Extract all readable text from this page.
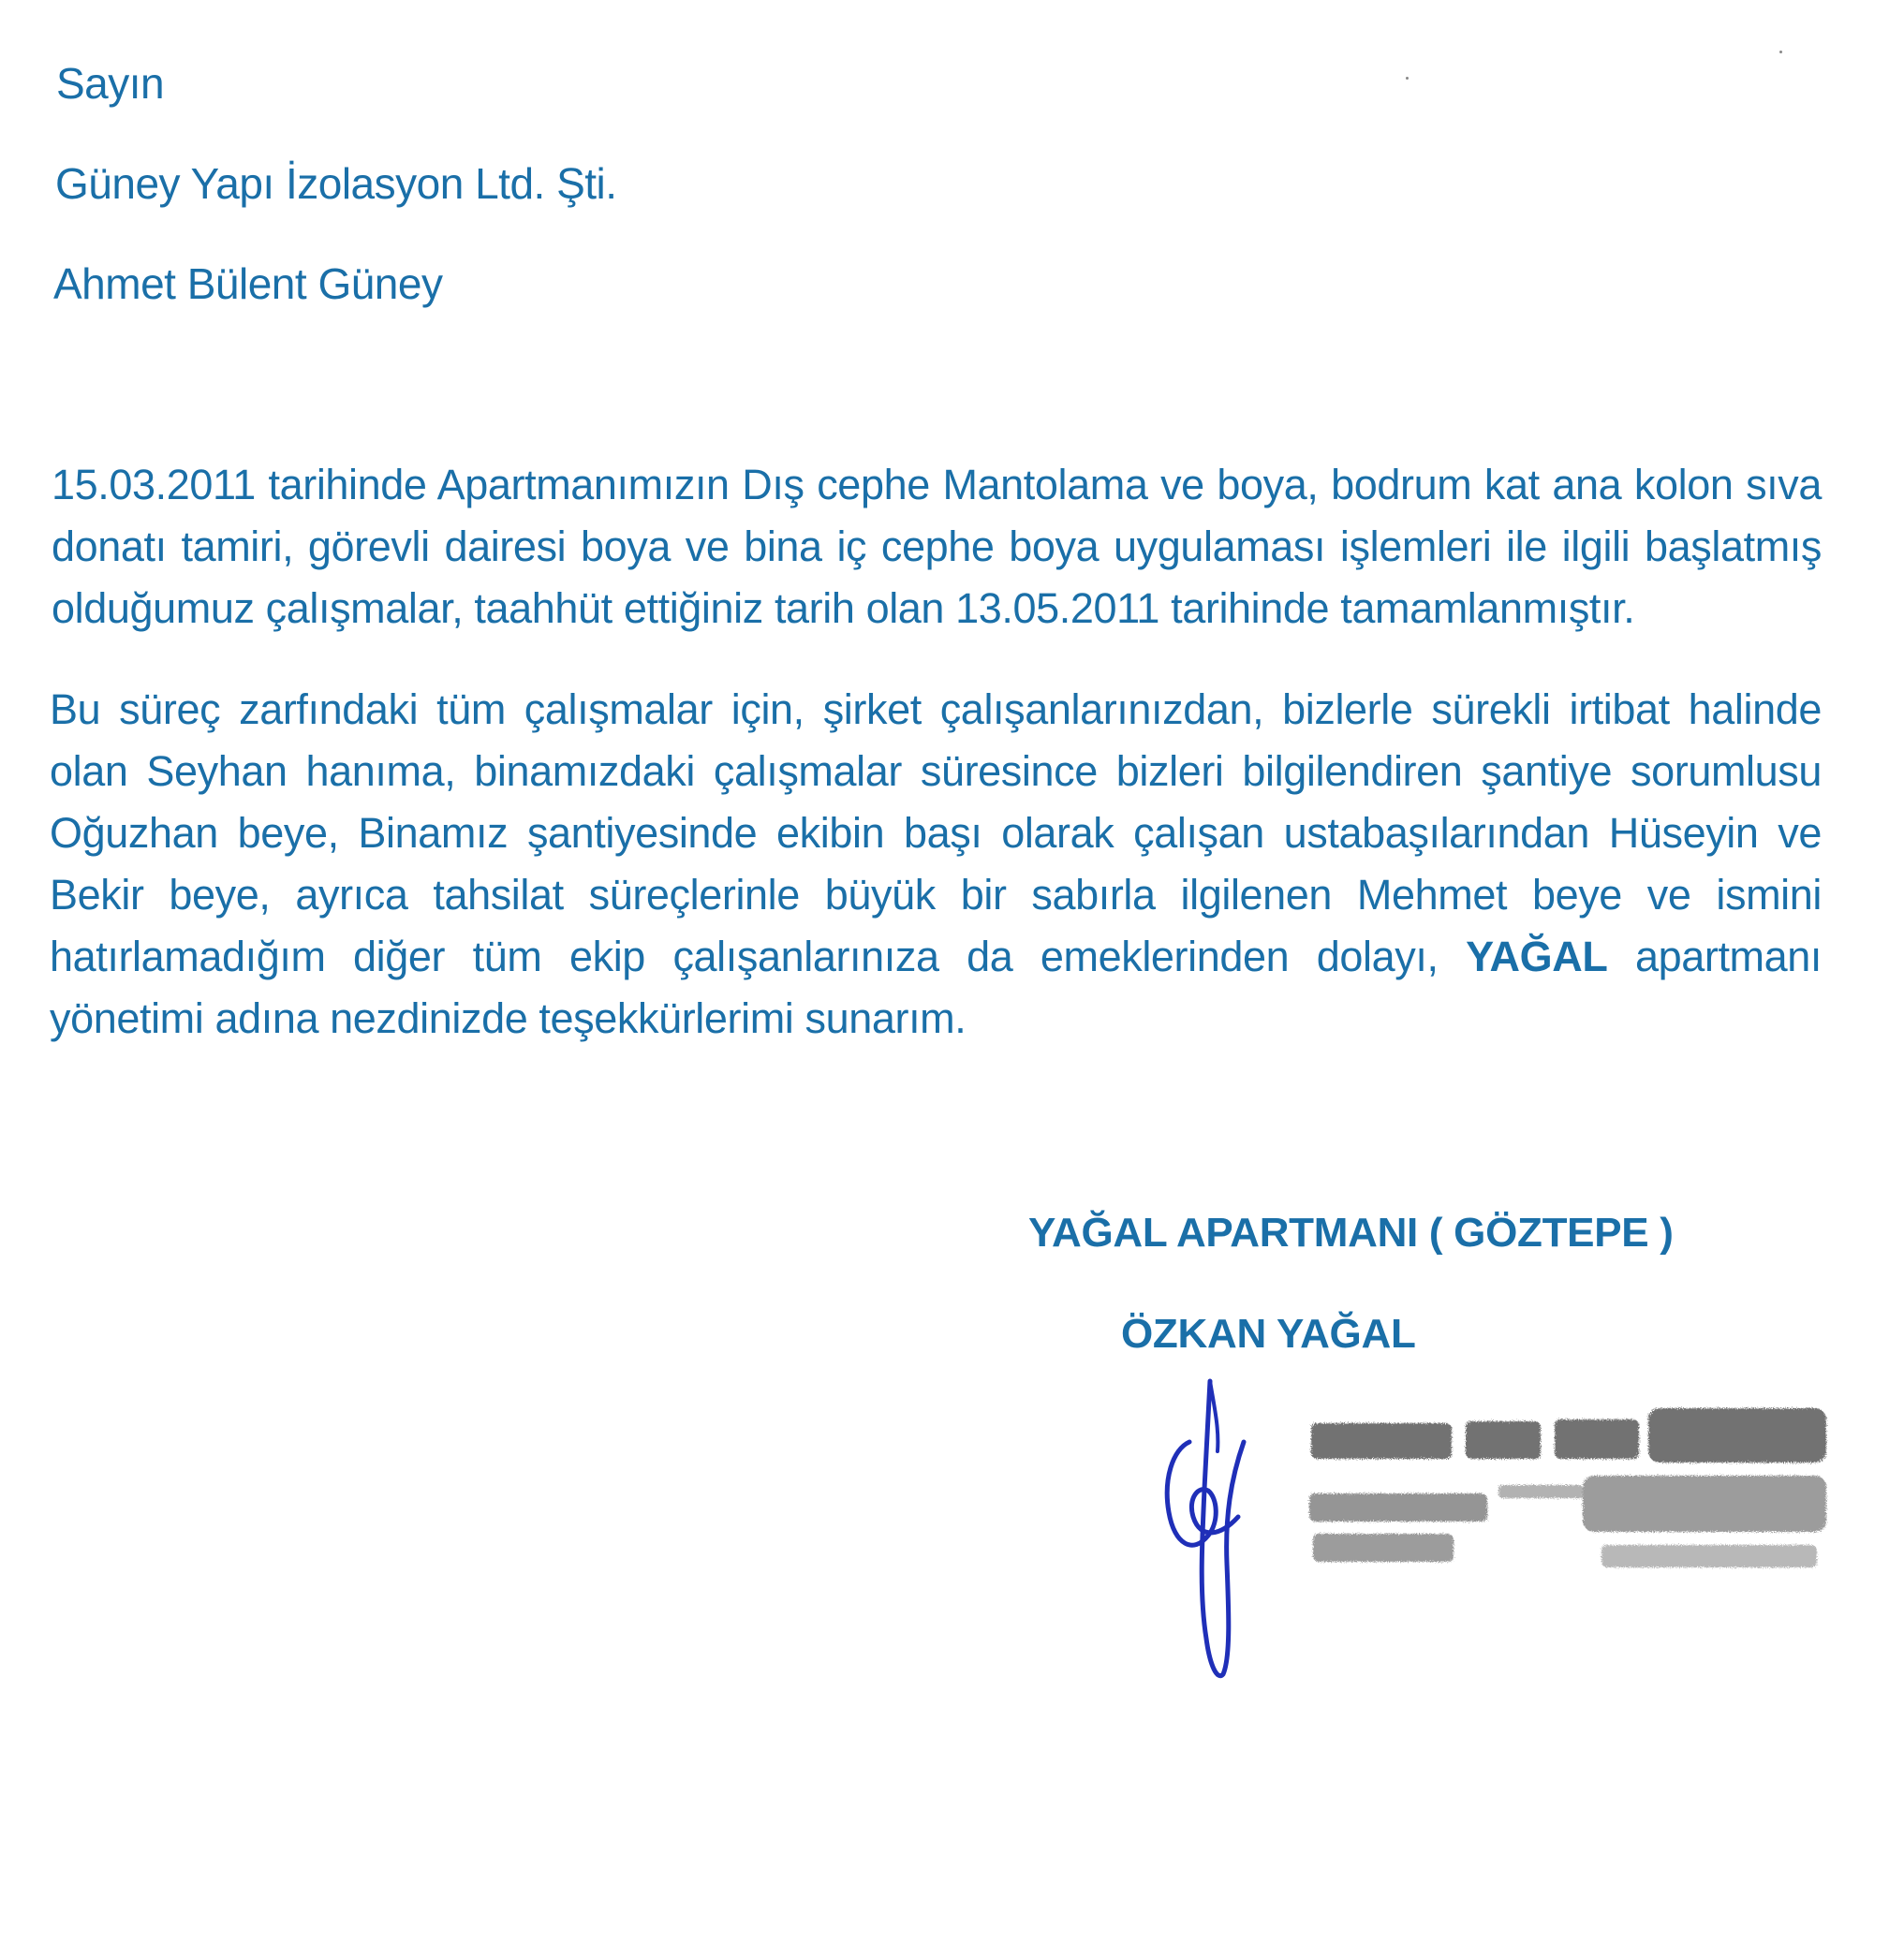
Sayın
Güney Yapı İzolasyon Ltd. Şti.
Ahmet Bülent Güney
15.03.2011 tarihinde Apartmanımızın Dış cephe Mantolama ve boya, bodrum kat ana kolon sıva donatı tamiri, görevli dairesi boya ve bina iç cephe boya uygulaması işlemleri ile ilgili başlatmış olduğumuz çalışmalar, taahhüt ettiğiniz tarih olan 13.05.2011 tarihinde tamamlanmıştır.
Bu süreç zarfındaki tüm çalışmalar için, şirket çalışanlarınızdan, bizlerle sürekli irtibat halinde olan Seyhan hanıma, binamızdaki çalışmalar süresince bizleri bilgilendiren şantiye sorumlusu Oğuzhan beye, Binamız şantiyesinde ekibin başı olarak çalışan ustabaşılarından Hüseyin ve Bekir beye, ayrıca tahsilat süreçlerinle büyük bir sabırla ilgilenen Mehmet beye ve ismini hatırlamadığım diğer tüm ekip çalışanlarınıza da emeklerinden dolayı, YAĞAL apartmanı yönetimi adına nezdinizde teşekkürlerimi sunarım.
YAĞAL APARTMANI ( GÖZTEPE )
ÖZKAN YAĞAL
